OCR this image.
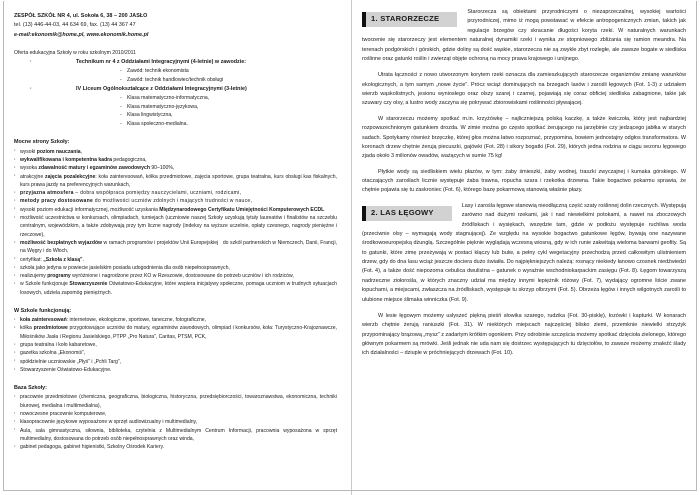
ZESPÓŁ SZKÓŁ NR 4, ul. Sokoła 6, 38 – 200 JASŁO
tel. (13) 446-44-03, 44 634 69, fax. (13) 44 367 47
e-mail:ekonomik@home.pl, www.ekonomik.home.pl
Oferta edukacyjna Szkoły w roku szkolnym 2010/2011
·	Technikum nr 4 z Oddziałami Integracyjnymi (4-letnie) w zawodzie:
- Zawód: technik ekonomista
- Zawód: technik handlowiec/technik obsługi
·	IV Liceum Ogólnokształcące z Oddziałami Integracyjnymi (3-letnie)
- Klasa matematyczno-informatyczna,
- Klasa matematyczno-językowa,
- Klasa lingwistyczna,
- Klasa społeczno-medialna.
Mocne strony Szkoły:
· wysoki poziom nauczania,
· wykwalifikowana i kompetentna kadra pedagogiczna,
· wysoka zdawalność matury i egzaminów zawodowych 90–100%,
· atrakcyjne zajęcia pozalekcyjne: koła zainteresowań, kółka przedmiotowe, zajęcia sportowe, grupa teatralna, kurs obsługi kas fiskalnych, kurs prawa jazdy na preferencyjnych warunkach,
· przyjazna atmosfera – dobra współpraca pomiędzy nauczycielami, uczniami, rodzicami,
· metody pracy dostosowane do możliwości uczniów zdolnych i mających trudności w nauce,
· wysoki poziom edukacji informatycznej, możliwość uzyskania Międzynarodowego Certyfikatu Umiejętności Komputerowych ECDL
· możliwość uczestnictwa w konkursach, olimpiadach, turniejach (uczniowie naszej Szkoły uzyskują tytuły laureatów i finalistów na szczeblu centralnym, wojewódzkim, a także zdobywają przy tym liczne nagrody (indeksy na wyższe uczelnie, opłaty czesnego, nagrody pieniężne i rzeczowe),
· możliwość bezpłatnych wyjazdów w ramach programów i projektów Unii Europejskiej   do szkół partnerskich w Niemczech, Danii, Francji, na Węgry i do Włoch,
· certyfikat: „Szkoła z klasą”.
· szkoła jako jedyna w powiecie jasielskim posiada udogodnienia dla osób niepełnosprawnych,
· realizujemy programy wyróżnione i nagrodzone przez KO w Rzeszowie, dostosowane do potrzeb uczniów i ich rodziców,
· w Szkole funkcjonuje Stowarzyszenie Oświatowo-Edukacyjne, które wspiera inicjatywy społeczne, pomaga uczniom w trudnych sytuacjach losowych, udziela zapomóg pieniężnych.
W Szkole funkcjonują:
· koła zainteresowań: internetowe, ekologiczne, sportowe, taneczne, fotograficzne,
· kółka przedmiotowe przygotowujące uczniów do matury, egzaminów zawodowych, olimpiad i konkursów, koła: Turystyczno-Krajoznawcze, Miłośników Jasła i Regionu Jasielskiego, PTPP „Pro Natura”, Caritas, PTSM, PCK,
· grupa teatralna i koło kabaretowe,
· gazetka szkolna „Ekonomiś”,
· spółdzielnie uczniowskie „Płyś” i „Pchli Targ”,
· Stowarzyszenie Oświatowo-Edukacyjne.
Baza Szkoły:
· pracownie przedmiotowe (chemiczna, geograficzna, biologiczna, historyczna, przedsiębiorczości, towaroznawstwa, ekonomiczna, techniki biurowej, medialna i multimedialna),
· nowoczesne pracownie komputerowe,
· klasopracownie językowe wyposażone w sprzęt audiowizualny i multimedialny,
· Aula, sala gimnastyczna, siłownia, biblioteka, czytelnia z Multimedialnym Centrum Informacji, pracownia wyposażona w sprzęt multimedialny, dostosowana do potrzeb osób niepełnosprawnych oraz winda,
· gabinet pedagoga, gabinet higienistki, Szkolny Ośrodek Kariery.
1. STARORZECZE

Starorzecza są obiektami przyrodniczymi o niezaprzeczalnej, wysokiej wartości przyrodniczej, mimo iż mogą powstawać w efekcie antropogenicznych zmian, takich jak regulacje brzegów czy skracanie długości koryta rzeki. W naturalnych warunkach tworzenie się starorzeczy jest elementem naturalnej dynamiki rzeki i wynika ze stopniowego zbliżania się ramion meandra. Na terenach podgórskich i górskich, gdzie doliny są dość wąskie, starorzecza nie są zwykle zbyt rozległe, ale zawsze bogate w siedliska roślinne oraz gatunki roślin i zwierząt objęte ochroną na mocy prawa krajowego i unijnego.

Utrata łączności z nowo utworzonym korytem rzeki oznacza dla zamieszkujących starorzecze organizmów zmianę warunków ekologicznych, a tym samym „nowe życie”. Prócz wciąż dominujących na brzegach lasów i zarośli łęgowych (Fot. 1-3) z udziałem wierzb wąskolistnych, jesionu wyniosłego oraz olszy szarej i czarnej, pojawiają się coraz obficiej siedliska zabagnione, takie jak szuwary czy olsy, a lustro wody zaczyna się pokrywać zbiorowiskami roślinności pływającej.

W starorzeczu możemy spotkać m.in. krzyżówkę – najliczniejszą polską kaczkę, a także kwiczoła, który jest najbardziej rozpowszechnionym gatunkiem drozda. W zimie można go często spotkać żerującego na jarzębinie czy jedzącego jabłka w starych sadach. Spotykamy również brzęczkę, której głos można łatwo rozpoznać, przypomina, bowiem jednostajny odgłos transformatora. W koronach drzew chętnie żerują piecuszki, gajówki (Fot. 28) i sikory bogatki (Fot. 29), których jedna rodzina w ciągu sezonu lęgowego zjada około 3 milionów owadów, ważących w sumie 75 kg!

Płytkie wody są siedliskiem wielu płazów, w tym: żaby śmieszki, żaby wodnej, traszki zwyczajnej i kumaka górskiego. W otaczających zaroślach licznie występuje żaba trawna, ropucha szara i rzekotka drzewna. Takie bogactwo pokarmu sprawia, że chętnie pojawia się tu zaskroniec (Fot. 6), którego bazę pokarmową stanowią właśnie płazy.

2. LAS ŁĘGOWY

Lasy i zarośla łęgowe stanowią nieodłączną część szaty roślinnej dolin rzecznych. Występują zarówno nad dużymi rzekami, jak i nad niewielkimi potokami, a nawet na zboczowych źródliskach i wysiękach, wszędzie tam, gdzie w podłożu występuje ruchliwa woda (przeciwnie olsy – wymagają wody stagnującej). Ze względu na wysokie bogactwo gatunkowe łęgów, bywają one nazywane środkowoeuropejską dżunglą. Szczególnie pięknie wyglądają wczesną wiosną, gdy w ich runie zakwitają wieloma barwami geofity. Są to gatunki, które zimę przeżywają w postaci kłączy lub bulw, a pełny cykl wegetacyjny przechodzą przed całkowitym ulistnieniem drzew, gdy do dna lasu wciąż jeszcze dociera dużo światła. Do najpiękniejszych należą: rosnący niekiedy łanowo czosnek niedźwiedzi (Fot. 4), a także dość niepozorna cebulica dwulistna – gatunek o wyraźnie wschodniokarpackim zasięgu (Fot. 8). Łęgom towarzyszą nadrzeczne ziołorośla, w których znaczny udział ma między innymi lepiężnik różowy (Fot. 7), wydający ogromne liście zwane łopuchami, a miejscami, zwłaszcza na źródliskach, występuje tu skrzyp olbrzymi (Fot. 5). Obrzeża łęgów i innych wilgotnych zarośli to ulubione miejsce ślimaka winniczka (Fot. 9).

W lesie łęgowym możemy usłyszeć piękną pieśń słowika szarego, rudzika (Fot. 30-pisklę), łozówki i kapturki. W konarach wierzb chętnie żerują raniuszki (Fot. 31). W niektórych miejscach najczęściej blisko ziemi, przemknie niewielki strzyżyk przypominający brązową „mysz” z zadartym krótkim ogonkiem. Przy odrobinie szczęścia możemy spotkać dzięcioła zielonego, którego głównym pokarmem są mrówki. Jeśli jednak nie uda nam się dostrzec występujących tu dzięciołów, to zawsze możemy znaleźć ślady ich działalności – dziuple w próchniejących drzewach (Fot. 10).
